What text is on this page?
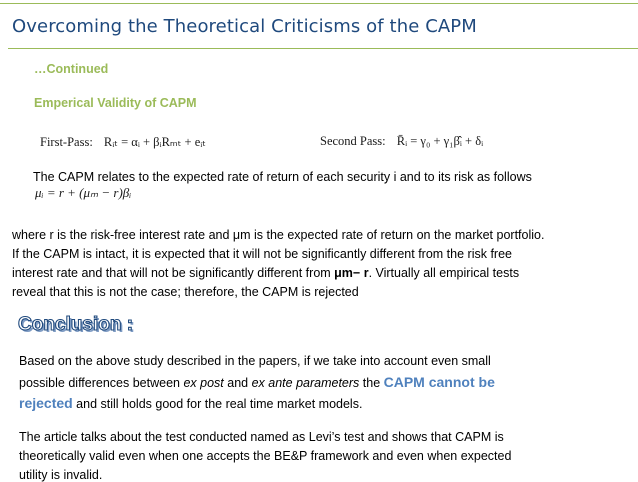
Overcoming the Theoretical Criticisms of the CAPM
…Continued
Emperical Validity of CAPM
First-Pass: Rᵢₜ = αᵢ + βᵢRₘₜ + eᵢₜ	Second Pass: R̄ᵢ = γ₀ + γ₁β̂ᵢ + δᵢ
The CAPM relates to the expected rate of return of each security i and to its risk as follows
μᵢ = r + (μₘ − r)βᵢ
where r is the risk-free interest rate and μm is the expected rate of return on the market portfolio.
If the CAPM is intact, it is expected that it will not be significantly different from the risk free
interest rate and that will not be significantly different from μm− r. Virtually all empirical tests
reveal that this is not the case; therefore, the CAPM is rejected
Conclusion :
Based on the above study described in the papers, if we take into account even small
possible differences between ex post and ex ante parameters the CAPM cannot be
rejected and still holds good for the real time market models.
The article talks about the test conducted named as Levi’s test and shows that CAPM is
theoretically valid even when one accepts the BE&P framework and even when expected
utility is invalid.
